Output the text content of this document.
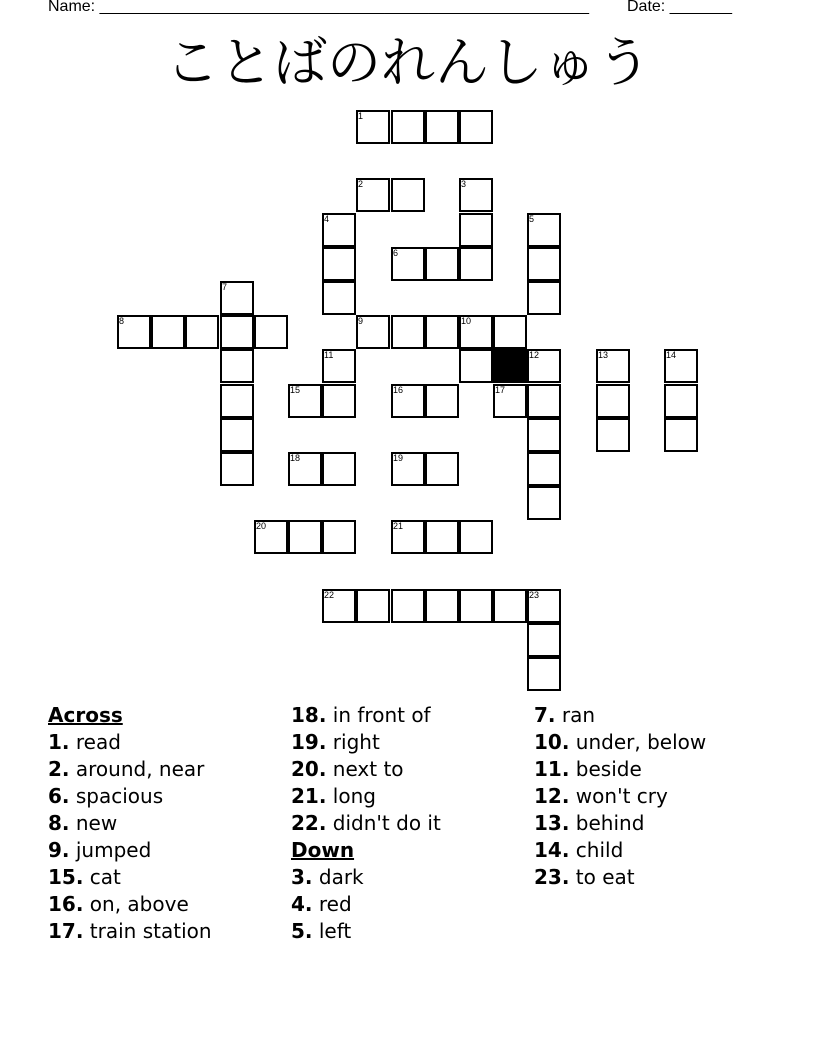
Name: _______________________________________________________ Date: _______
ことばのれんしゅう
1
2	3
4	5
6
7
8	9	10
11	12	13	14
15	16	17
18	19
20	21
22	23
Across
1. read
2. around, near
6. spacious
8. new
9. jumped
15. cat
16. on, above
17. train station
18. in front of
19. right
20. next to
21. long
22. didn't do it
Down
3. dark
4. red
5. left
7. ran
10. under, below
11. beside
12. won't cry
13. behind
14. child
23. to eat
